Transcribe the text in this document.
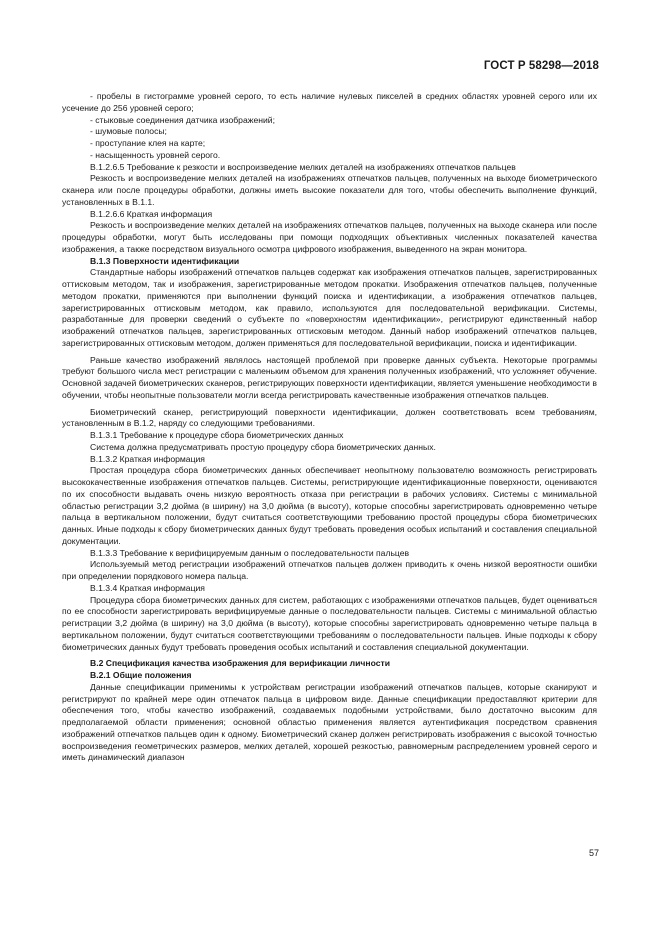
ГОСТ Р 58298—2018

- пробелы в гистограмме уровней серого, то есть наличие нулевых пикселей в средних областях уровней серого или их усечение до 256 уровней серого;

- стыковые соединения датчика изображений;

- шумовые полосы;

- проступание клея на карте;

- насыщенность уровней серого.

В.1.2.6.5 Требование к резкости и воспроизведение мелких деталей на изображениях отпечатков пальцев

Резкость и воспроизведение мелких деталей на изображениях отпечатков пальцев, полученных на выходе биометрического сканера или после процедуры обработки, должны иметь высокие показатели для того, чтобы обеспечить выполнение функций, установленных в В.1.1.

В.1.2.6.6 Краткая информация

Резкость и воспроизведение мелких деталей на изображениях отпечатков пальцев, полученных на выходе сканера или после процедуры обработки, могут быть исследованы при помощи подходящих объективных численных показателей качества изображения, а также посредством визуального осмотра цифрового изображения, выведенного на экран монитора.

В.1.3 Поверхности идентификации

Стандартные наборы изображений отпечатков пальцев содержат как изображения отпечатков пальцев, зарегистрированных оттисковым методом, так и изображения, зарегистрированные методом прокатки. Изображения отпечатков пальцев, полученные методом прокатки, применяются при выполнении функций поиска и идентификации, а изображения отпечатков пальцев, зарегистрированных оттисковым методом, как правило, используются для последовательной верификации. Системы, разработанные для проверки сведений о субъекте по «поверхностям идентификации», регистрируют единственный набор изображений отпечатков пальцев, зарегистрированных оттисковым методом. Данный набор изображений отпечатков пальцев, зарегистрированных оттисковым методом, должен применяться для последовательной верификации, поиска и идентификации.

Раньше качество изображений являлось настоящей проблемой при проверке данных субъекта. Некоторые программы требуют большого числа мест регистрации с маленьким объемом для хранения полученных изображений, что усложняет обучение. Основной задачей биометрических сканеров, регистрирующих поверхности идентификации, является уменьшение необходимости в обучении, чтобы неопытные пользователи могли всегда регистрировать качественные изображения отпечатков пальцев.

Биометрический сканер, регистрирующий поверхности идентификации, должен соответствовать всем требованиям, установленным в В.1.2, наряду со следующими требованиями.

В.1.3.1 Требование к процедуре сбора биометрических данных

Система должна предусматривать простую процедуру сбора биометрических данных.

В.1.3.2 Краткая информация

Простая процедура сбора биометрических данных обеспечивает неопытному пользователю возможность регистрировать высококачественные изображения отпечатков пальцев. Системы, регистрирующие идентификационные поверхности, оцениваются по их способности выдавать очень низкую вероятность отказа при регистрации в рабочих условиях. Системы с минимальной областью регистрации 3,2 дюйма (в ширину) на 3,0 дюйма (в высоту), которые способны зарегистрировать одновременно четыре пальца в вертикальном положении, будут считаться соответствующими требованию простой процедуры сбора биометрических данных. Иные подходы к сбору биометрических данных будут требовать проведения особых испытаний и составления специальной документации.

В.1.3.3 Требование к верифицируемым данным о последовательности пальцев

Используемый метод регистрации изображений отпечатков пальцев должен приводить к очень низкой вероятности ошибки при определении порядкового номера пальца.

В.1.3.4 Краткая информация

Процедура сбора биометрических данных для систем, работающих с изображениями отпечатков пальцев, будет оцениваться по ее способности зарегистрировать верифицируемые данные о последовательности пальцев. Системы с минимальной областью регистрации 3,2 дюйма (в ширину) на 3,0 дюйма (в высоту), которые способны зарегистрировать одновременно четыре пальца в вертикальном положении, будут считаться соответствующими требованиям о последовательности пальцев. Иные подходы к сбору биометрических данных будут требовать проведения особых испытаний и составления специальной документации.

В.2 Спецификация качества изображения для верификации личности

В.2.1 Общие положения

Данные спецификации применимы к устройствам регистрации изображений отпечатков пальцев, которые сканируют и регистрируют по крайней мере один отпечаток пальца в цифровом виде. Данные спецификации предоставляют критерии для обеспечения того, чтобы качество изображений, создаваемых подобными устройствами, было достаточно высоким для предполагаемой области применения; основной областью применения является аутентификация посредством сравнения изображений отпечатков пальцев один к одному. Биометрический сканер должен регистрировать изображения с высокой точностью воспроизведения геометрических размеров, мелких деталей, хорошей резкостью, равномерным распределением уровней серого и иметь динамический диапазон

57
